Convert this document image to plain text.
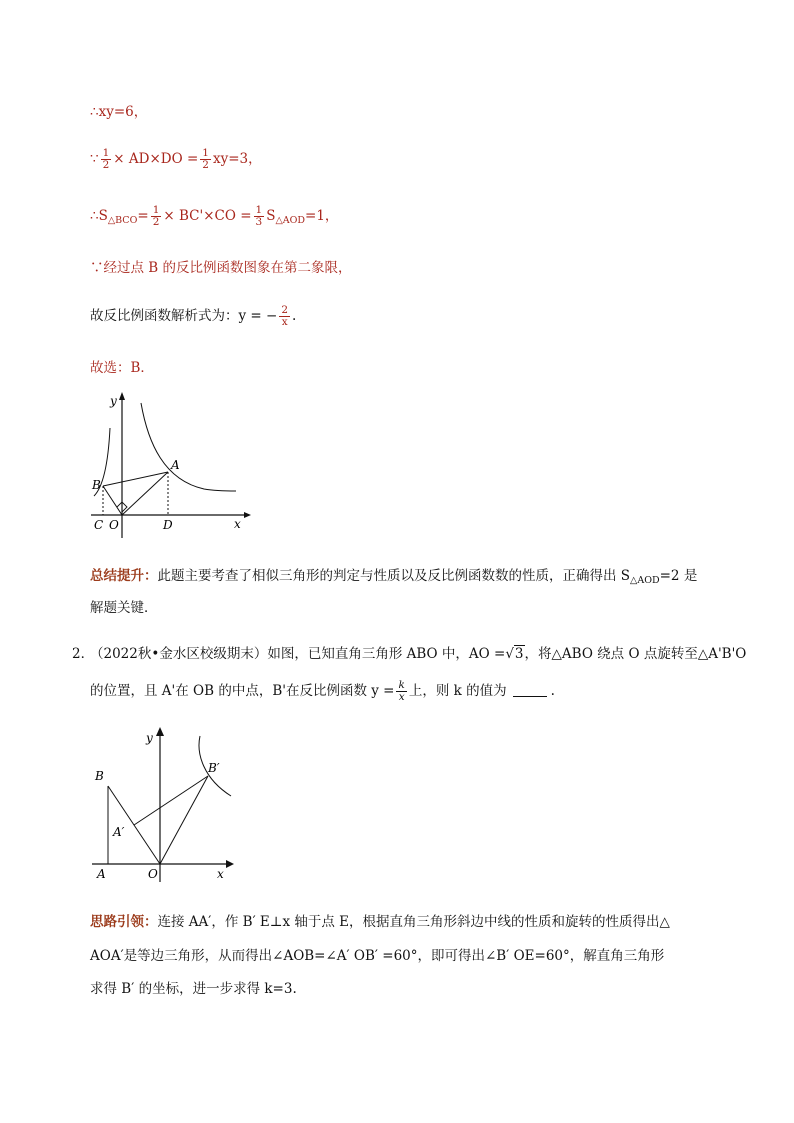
∴xy=6，
∵ $\frac{1}{2} \times AD\times DO = \frac{1}{2} xy=3$，
$\therefore S_{\triangle BCO}= \frac{1}{2} \times BC'\times CO = \frac{1}{3} S_{\triangle AOD}=1$，
∵经过点 B 的反比例函数图象在第二象限，
故反比例函数解析式为：y = − $\frac{2}{x}$ .
故选：B．
y
x
A
B
C O	D
总结提升：此题主要考查了相似三角形的判定与性质以及反比例函数数的性质，正确得出 $S_{\triangle AOD}=2$ 是
解题关键．
2．
（2022秋•金水区校级期末）如图，已知直角三角形 ABO 中，AO =√3，将△ABO 绕点 O 点旋转至△A'B'O
的位置，且 A'在 OB 的中点，B'在反比例函数 $y = \frac{k}{x}$ 上，则 k 的值为	.
y
x
B
A	O
A′
B′
思路引领：连接 AA′，作 B′ E⊥x 轴于点 E，根据直角三角形斜边中线的性质和旋转的性质得出△
AOA′是等边三角形，从而得出∠AOB=∠A′ OB′ =60°，即可得出∠B′ OE=60°，解直角三角形
求得 B′ 的坐标，进一步求得 k=3.
